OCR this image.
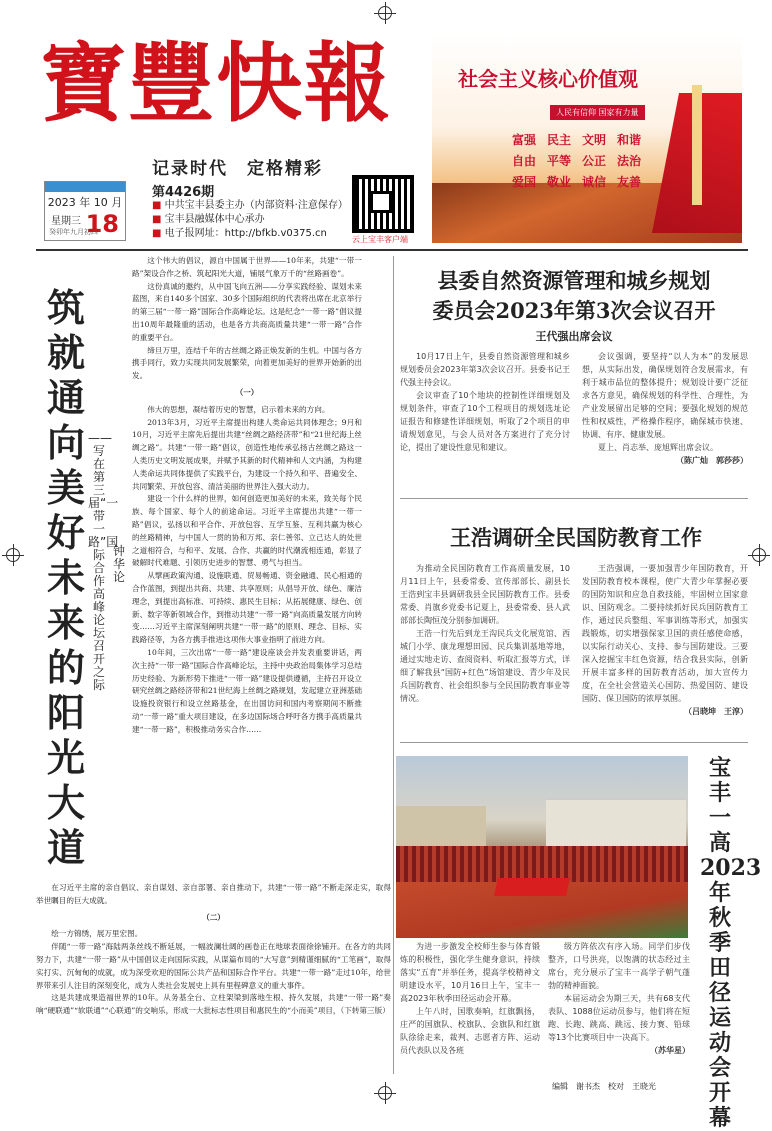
寶豐快報
记录时代　定格精彩
2023 年 10 月
星期三
癸卯年九月初四
18
第4426期
■ 中共宝丰县委主办（内部资料·注意保存）
■ 宝丰县融媒体中心承办
■ 电子报网址：http://bfkb.v0375.cn
云上宝丰客户端
社会主义核心价值观
人民有信仰 国家有力量
富强 民主 文明 和谐
自由 平等 公正 法治
爱国 敬业 诚信 友善
筑就通向美好未来的阳光大道
——写在第三届“一带一路”国际合作高峰论坛召开之际
钟华论

这个伟大的倡议，源自中国属于世界——10年来，共建“一带一路”架设合作之桥、筑起阳光大道，铺展气象万千的“丝路画卷”。

这份真诚的邀约，从中国飞向五洲——分享实践经验、谋划未来蓝图，来自140多个国家、30多个国际组织的代表将出席在北京举行的第三届“一带一路”国际合作高峰论坛。这是纪念“一带一路”倡议提出10周年最隆重的活动，也是各方共商高质量共建“一带一路”合作的重要平台。

缔旦万里，连结千年的古丝绸之路正焕发新的生机。中国与各方携手同行，致力实现共同发展繁荣，向着更加美好的世界开始新的出发。

（一）

伟大的思想，凝结着历史的智慧，启示着未来的方向。

2013年3月，习近平主席提出构建人类命运共同体理念；9月和10月，习近平主席先后提出共建“丝绸之路经济带”和“21世纪海上丝绸之路”。共建“一带一路”倡议，创造性地传承弘扬古丝绸之路这一人类历史文明发展成果，并赋予其新的时代精神和人文内涵，为构建人类命运共同体提供了实践平台，为建设一个持久和平、普遍安全、共同繁荣、开放包容、清洁美丽的世界注入强大动力。

建设一个什么样的世界，如何创造更加美好的未来，致关每个民族、每个国家、每个人的前途命运。习近平主席提出共建“一带一路”倡议，弘扬以和平合作、开放包容、互学互鉴、互利共赢为核心的丝路精神，与中国人一贯的协和万邦、亲仁善邻、立己达人的处世之道相符合，与和平、发展、合作、共赢的时代潮流相连通，彰显了破解时代难题、引领历史进步的智慧、勇气与担当。

从擘画政策沟通、设施联通、贸易畅通、资金融通、民心相通的合作蓝图，到提出共商、共建、共享原则；从倡导开放、绿色、廉洁理念，到提出高标准、可持续、惠民生目标；从拓展健康、绿色、创新、数字等新领域合作，到推动共建“一带一路”向高质量发展方向转变……习近平主席深刻阐明共建“一带一路”的原则、理念、目标、实践路径等，为各方携手推进这项伟大事业指明了前进方向。

10年间，三次出席“一带一路”建设座谈会并发表重要讲话，两次主持“一带一路”国际合作高峰论坛，主持中央政治局集体学习总结历史经验、为新形势下推进“一带一路”建设提供遵循，主持召开设立研究丝绸之路经济带和21世纪海上丝绸之路规划，发起建立亚洲基础设施投资银行和设立丝路基金，在出国访问和国内考察期间不断推动“一带一路”重大项目建设，在多边国际场合呼吁各方携手高质量共建“一带一路”，积极推动务实合作……

在习近平主席的亲自倡议、亲自谋划、亲自部署、亲自推动下，共建“一带一路”不断走深走实，取得举世瞩目的巨大成就。

（二）

绘一方锦绣，展万里宏图。

伴随“一带一路”海陆两条丝线不断延展，一幅波澜壮阔的画卷正在地球表面徐徐铺开。在各方的共同努力下，共建“一带一路”从中国倡议走向国际实践，从谋篇布局的“大写意”到精谨细腻的“工笔画”，取得实打实、沉甸甸的成就，成为深受欢迎的国际公共产品和国际合作平台。共建“一带一路”走过10年，给世界带来引人注目的深刻变化，成为人类社会发展史上具有里程碑意义的重大事件。

这是共建成果造福世界的10年。从务基全台、立柱架梁到落地生根、持久发展，共建“一带一路”奏响“硬联通”“软联通”“心联通”的交响乐，形成一大批标志性项目和惠民生的“小而美”项目，（下转第三版）

县委自然资源管理和城乡规划
委员会2023年第3次会议召开
王代强出席会议

10月17日上午，县委自然资源管理和城乡规划委员会2023年第3次会议召开。县委书记王代强主持会议。

会议审查了10个地块的控制性详细规划及规划条件，审查了10个工程项目的规划选址论证报告和修建性详细规划，听取了2个项目的申请规划意见，与会人员对各方案进行了充分讨论，提出了建设性意见和建议。

会议强调，要坚持“以人为本”的发展思想，从实际出发，确保规划符合发展需求，有利于城市品位的整体提升；规划设计要广泛征求各方意见，确保规划的科学性、合理性，为产业发展留出足够的空间；要强化规划的规范性和权威性，严格操作程序，确保城市快速、协调、有序、健康发展。

夏上、肖志举、庞旭辉出席会议。

（陈广灿　郭莎莎）
王浩调研全民国防教育工作

为推动全民国防教育工作高质量发展，10月11日上午，县委常委、宣传部部长、副县长王浩到宝丰县调研我县全民国防教育工作。县委常委、肖旗乡党委书记夏上，县委常委、县人武部部长陶恒茂分别参加调研。

王浩一行先后到龙王沟民兵文化展览馆、西城门小学、康龙理想田园、民兵集训基地等地，通过实地走访、查阅资料、听取汇报等方式，详细了解我县“国防+红色”场馆建设、青少年及民兵国防教育、社会组织参与全民国防教育事业等情况。

王浩强调，一要加强青少年国防教育，开发国防教育校本课程，使广大青少年掌握必要的国防知识和应急自救技能，牢固树立国家意识、国防观念。二要持续抓好民兵国防教育工作，通过民兵整组、军事训练等形式，加强实践锻炼，切实增强保家卫国的责任感使命感，以实际行动关心、支持、参与国防建设。三要深入挖掘宝丰红色资源，结合我县实际，创新开展丰富多样的国防教育活动，加大宣传力度，在全社会营造关心国防、热爱国防、建设国防、保卫国防的浓厚氛围。

（吕晓坤　王淳）
宝丰一高2023年秋季田径运动会开幕

为进一步激发全校师生参与体育锻炼的积极性，强化学生健身意识，持续落实“五育”并举任务，提高学校精神文明建设水平，10月16日上午，宝丰一高2023年秋季田径运动会开幕。

上午八时，国歌奏响，红旗飘扬，庄严的国旗队、校旗队、会旗队和红旗队徐徐走来，裁判、志愿者方阵、运动员代表队以及各班

级方阵依次有序入场。同学们步伐整齐，口号洪亮，以饱满的状态经过主席台，充分展示了宝丰一高学子朝气蓬勃的精神面貌。

本届运动会为期三天，共有68支代表队、1088位运动员参与，他们将在短跑、长跑、跳高、跳远、接力赛、铅球等13个比赛项目中一决高下。

（苏华星）
编辑　谢书杰　校对　王晓光
